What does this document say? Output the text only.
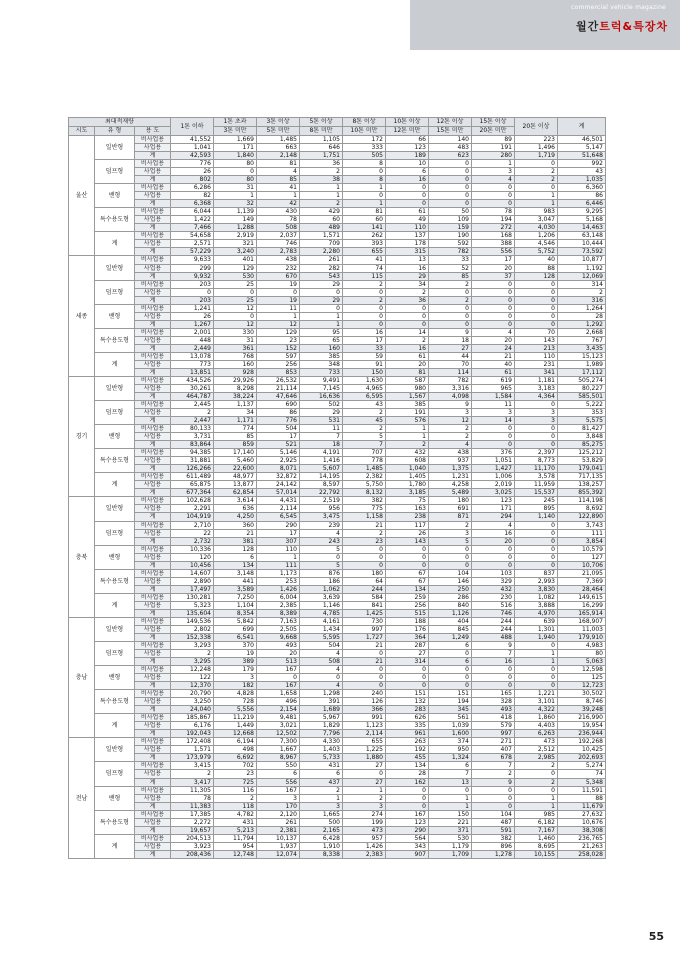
commercial vehicle magazine
월간트럭&특장차
최대적재량			1톤 이하	1톤 초과	3톤 이상	5톤 이상	8톤 이상	10톤 이상	12톤 이상	15톤 이상	20톤 이상	계
시도	유 형	용 도		3톤 미만	5톤 미만	8톤 미만	10톤 미만	12톤 미만	15톤 미만	20톤 미만		
울산	일반형	비사업용	41,552	1,669	1,485	1,105	172	66	140	89	223	46,501
		사업용	1,041	171	663	646	333	123	483	191	1,496	5,147
		계	42,593	1,840	2,148	1,751	505	189	623	280	1,719	51,648
	덤프형	비사업용	776	80	81	36	8	10	0	1	0	992
		사업용	26	0	4	2	0	6	0	3	2	43
		계	802	80	85	38	8	16	0	4	2	1,035
	밴형	비사업용	6,286	31	41	1	1	0	0	0	0	6,360
		사업용	82	1	1	1	0	0	0	0	1	86
		계	6,368	32	42	2	1	0	0	0	1	6,446
	특수용도형	비사업용	6,044	1,139	430	429	81	61	50	78	983	9,295
		사업용	1,422	149	78	60	60	49	109	194	3,047	5,168
		계	7,466	1,288	508	489	141	110	159	272	4,030	14,463
	계	비사업용	54,658	2,919	2,037	1,571	262	137	190	168	1,206	63,148
		사업용	2,571	321	746	709	393	178	592	388	4,546	10,444
		계	57,229	3,240	2,783	2,280	655	315	782	556	5,752	73,592
세종	일반형	비사업용	9,633	401	438	261	41	13	33	17	40	10,877
		사업용	299	129	232	282	74	16	52	20	88	1,192
		계	9,932	530	670	543	115	29	85	37	128	12,069
	덤프형	비사업용	203	25	19	29	2	34	2	0	0	314
		사업용	0	0	0	0	0	2	0	0	0	2
		계	203	25	19	29	2	36	2	0	0	316
	밴형	비사업용	1,241	12	11	0	0	0	0	0	0	1,264
		사업용	26	0	1	1	0	0	0	0	0	28
		계	1,267	12	12	1	0	0	0	0	0	1,292
	특수용도형	비사업용	2,001	330	129	95	16	14	9	4	70	2,668
		사업용	448	31	23	65	17	2	18	20	143	767
		계	2,449	361	152	160	33	16	27	24	213	3,435
	계	비사업용	13,078	768	597	385	59	61	44	21	110	15,123
		사업용	773	160	256	348	91	20	70	40	231	1,989
		계	13,851	928	853	733	150	81	114	61	341	17,112
경기	일반형	비사업용	434,526	29,926	26,532	9,491	1,630	587	782	619	1,181	505,274
		사업용	30,261	8,298	21,114	7,145	4,965	980	3,316	965	3,183	80,227
		계	464,787	38,224	47,646	16,636	6,595	1,567	4,098	1,584	4,364	585,501
	덤프형	비사업용	2,445	1,137	690	502	43	385	9	11	0	5,222
		사업용	2	34	86	29	2	191	3	3	3	353
		계	2,447	1,171	776	531	45	576	12	14	3	5,575
	밴형	비사업용	80,133	774	504	11	2	1	2	0	0	81,427
		사업용	3,731	85	17	7	5	1	2	0	0	3,848
		계	83,864	859	521	18	7	2	4	0	0	85,275
	특수용도형	비사업용	94,385	17,140	5,146	4,191	707	432	438	376	2,397	125,212
		사업용	31,881	5,460	2,925	1,416	778	608	937	1,051	8,773	53,829
		계	126,266	22,600	8,071	5,607	1,485	1,040	1,375	1,427	11,170	179,041
	계	비사업용	611,489	48,977	32,872	14,195	2,382	1,405	1,231	1,006	3,578	717,135
		사업용	65,875	13,877	24,142	8,597	5,750	1,780	4,258	2,019	11,959	138,257
		계	677,364	62,854	57,014	22,792	8,132	3,185	5,489	3,025	15,537	855,392
충북	일반형	비사업용	102,628	3,614	4,431	2,519	382	75	180	123	245	114,198
		사업용	2,291	636	2,114	956	775	163	691	171	895	8,692
		계	104,919	4,250	6,545	3,475	1,158	238	871	294	1,140	122,890
	덤프형	비사업용	2,710	360	290	239	21	117	2	4	0	3,743
		사업용	22	21	17	4	2	26	3	16	0	111
		계	2,732	381	307	243	23	143	5	20	0	3,854
	밴형	비사업용	10,336	128	110	5	0	0	0	0	0	10,579
		사업용	120	6	1	0	0	0	0	0	0	127
		계	10,456	134	111	5	0	0	0	0	0	10,706
	특수용도형	비사업용	14,607	3,148	1,173	876	180	67	104	103	837	21,095
		사업용	2,890	441	253	186	64	67	146	329	2,993	7,369
		계	17,497	3,589	1,426	1,062	244	134	250	432	3,830	28,464
	계	비사업용	130,281	7,250	6,004	3,639	584	259	286	230	1,082	149,615
		사업용	5,323	1,104	2,385	1,146	841	256	840	516	3,888	16,299
		계	135,604	8,354	8,389	4,785	1,425	515	1,126	746	4,970	165,914
충남	일반형	비사업용	149,536	5,842	7,163	4,161	730	188	404	244	639	168,907
		사업용	2,802	699	2,505	1,434	997	176	845	244	1,301	11,003
		계	152,338	6,541	9,668	5,595	1,727	364	1,249	488	1,940	179,910
	덤프형	비사업용	3,293	370	493	504	21	287	6	9	0	4,983
		사업용	2	19	20	4	0	27	0	7	1	80
		계	3,295	389	513	508	21	314	6	16	1	5,063
	밴형	비사업용	12,248	179	167	4	0	0	0	0	0	12,598
		사업용	122	3	0	0	0	0	0	0	0	125
		계	12,370	182	167	4	0	0	0	0	0	12,723
	특수용도형	비사업용	20,790	4,828	1,658	1,298	240	151	151	165	1,221	30,502
		사업용	3,250	728	496	391	126	132	194	328	3,101	8,746
		계	24,040	5,556	2,154	1,689	366	283	345	493	4,322	39,248
	계	비사업용	185,867	11,219	9,481	5,967	991	626	561	418	1,860	216,990
		사업용	6,176	1,449	3,021	1,829	1,123	335	1,039	579	4,403	19,954
		계	192,043	12,668	12,502	7,796	2,114	961	1,600	997	6,263	236,944
전남	일반형	비사업용	172,408	6,194	7,300	4,330	655	263	374	271	473	192,268
		사업용	1,571	498	1,667	1,403	1,225	192	950	407	2,512	10,425
		계	173,979	6,692	8,967	5,733	1,880	455	1,324	678	2,985	202,693
	덤프형	비사업용	3,415	702	550	431	27	134	6	7	2	5,274
		사업용	2	23	6	6	0	28	7	2	0	74
		계	3,417	725	556	437	27	162	13	9	2	5,348
	밴형	비사업용	11,305	116	167	2	1	0	0	0	0	11,591
		사업용	78	2	3	1	2	0	1	0	1	88
		계	11,383	118	170	3	3	0	1	0	1	11,679
	특수용도형	비사업용	17,385	4,782	2,120	1,665	274	167	150	104	985	27,632
		사업용	2,272	431	261	500	199	123	221	487	6,182	10,676
		계	19,657	5,213	2,381	2,165	473	290	371	591	7,167	38,308
	계	비사업용	204,513	11,794	10,137	6,428	957	564	530	382	1,460	236,765
		사업용	3,923	954	1,937	1,910	1,426	343	1,179	896	8,695	21,263
		계	208,436	12,748	12,074	8,338	2,383	907	1,709	1,278	10,155	258,028
55
